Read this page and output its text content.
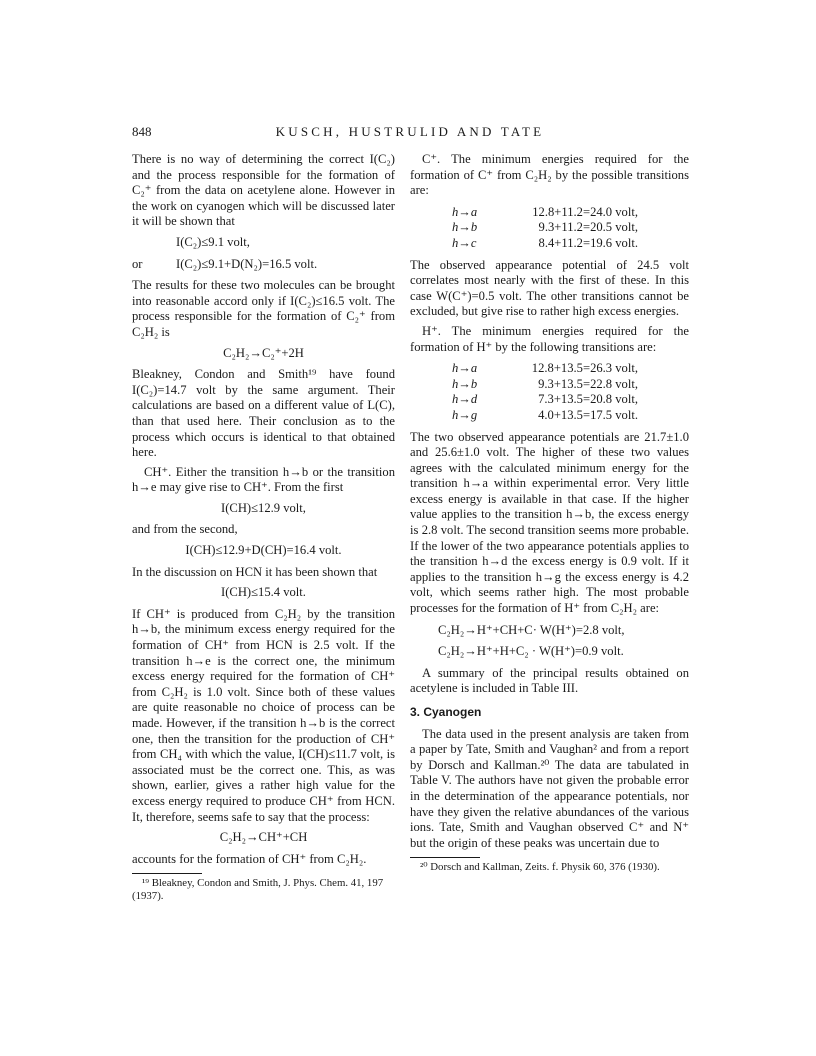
848	KUSCH, HUSTRULID AND TATE

There is no way of determining the correct I(C₂) and the process responsible for the formation of C₂⁺ from the data on acetylene alone. However in the work on cyanogen which will be discussed later it will be shown that

I(C₂)≤9.1 volt,
or	I(C₂)≤9.1+D(N₂)=16.5 volt.

The results for these two molecules can be brought into reasonable accord only if I(C₂)≤16.5 volt. The process responsible for the formation of C₂⁺ from C₂H₂ is

C₂H₂→C₂⁺+2H

Bleakney, Condon and Smith¹⁹ have found I(C₂)=14.7 volt by the same argument. Their calculations are based on a different value of L(C), than that used here. Their conclusion as to the process which occurs is identical to that obtained here.

CH⁺. Either the transition h→b or the transition h→e may give rise to CH⁺. From the first

I(CH)≤12.9 volt,

and from the second,

I(CH)≤12.9+D(CH)=16.4 volt.

In the discussion on HCN it has been shown that

I(CH)≤15.4 volt.

If CH⁺ is produced from C₂H₂ by the transition h→b, the minimum excess energy required for the formation of CH⁺ from HCN is 2.5 volt. If the transition h→e is the correct one, the minimum excess energy required for the formation of CH⁺ from C₂H₂ is 1.0 volt. Since both of these values are quite reasonable no choice of process can be made. However, if the transition h→b is the correct one, then the transition for the production of CH⁺ from CH₄ with which the value, I(CH)≤11.7 volt, is associated must be the correct one. This, as was shown, earlier, gives a rather high value for the excess energy required to produce CH⁺ from HCN. It, therefore, seems safe to say that the process:

C₂H₂→CH⁺+CH

accounts for the formation of CH⁺ from C₂H₂.

¹⁹ Bleakney, Condon and Smith, J. Phys. Chem. 41, 197 (1937).

C⁺. The minimum energies required for the formation of C⁺ from C₂H₂ by the possible transitions are:

h→a	12.8+11.2=24.0 volt,
h→b	9.3+11.2=20.5 volt,
h→c	8.4+11.2=19.6 volt.

The observed appearance potential of 24.5 volt correlates most nearly with the first of these. In this case W(C⁺)=0.5 volt. The other transitions cannot be excluded, but give rise to rather high excess energies.

H⁺. The minimum energies required for the formation of H⁺ by the following transitions are:

h→a	12.8+13.5=26.3 volt,
h→b	9.3+13.5=22.8 volt,
h→d	7.3+13.5=20.8 volt,
h→g	4.0+13.5=17.5 volt.

The two observed appearance potentials are 21.7±1.0 and 25.6±1.0 volt. The higher of these two values agrees with the calculated minimum energy for the transition h→a within experimental error. Very little excess energy is available in that case. If the higher value applies to the transition h→b, the excess energy is 2.8 volt. The second transition seems more probable. If the lower of the two appearance potentials applies to the transition h→d the excess energy is 0.9 volt. If it applies to the transition h→g the excess energy is 4.2 volt, which seems rather high. The most probable processes for the formation of H⁺ from C₂H₂ are:

C₂H₂→H⁺+CH+C· W(H⁺)=2.8 volt,
C₂H₂→H⁺+H+C₂ · W(H⁺)=0.9 volt.

A summary of the principal results obtained on acetylene is included in Table III.

3. Cyanogen

The data used in the present analysis are taken from a paper by Tate, Smith and Vaughan² and from a report by Dorsch and Kallman.²⁰ The data are tabulated in Table V. The authors have not given the probable error in the determination of the appearance potentials, nor have they given the relative abundances of the various ions. Tate, Smith and Vaughan observed C⁺ and N⁺ but the origin of these peaks was uncertain due to

²⁰ Dorsch and Kallman, Zeits. f. Physik 60, 376 (1930).
